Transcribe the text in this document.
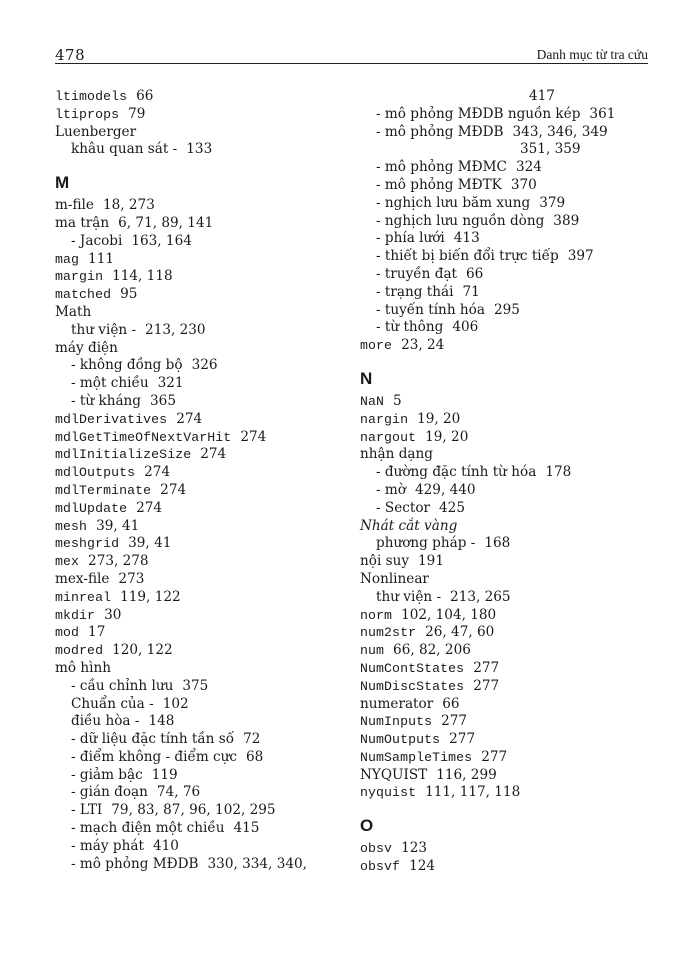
478	Danh mục từ tra cứu
ltimodels 66
ltiprops 79
Luenberger
khâu quan sát - 133
M
m-file 18, 273
ma trận 6, 71, 89, 141
- Jacobi 163, 164
mag 111
margin 114, 118
matched 95
Math
thư viện - 213, 230
máy điện
- không đồng bộ 326
- một chiều 321
- từ kháng 365
mdlDerivatives 274
mdlGetTimeOfNextVarHit 274
mdlInitializeSize 274
mdlOutputs 274
mdlTerminate 274
mdlUpdate 274
mesh 39, 41
meshgrid 39, 41
mex 273, 278
mex-file 273
minreal 119, 122
mkdir 30
mod 17
modred 120, 122
mô hình
- cầu chỉnh lưu 375
Chuẩn của - 102
điều hòa - 148
- dữ liệu đặc tính tần số 72
- điểm không - điểm cực 68
- giảm bậc 119
- gián đoạn 74, 76
- LTI 79, 83, 87, 96, 102, 295
- mạch điện một chiều 415
- máy phát 410
- mô phỏng MĐDB 330, 334, 340,
417
- mô phỏng MĐDB nguồn kép 361
- mô phỏng MĐDB 343, 346, 349
351, 359
- mô phỏng MĐMC 324
- mô phỏng MĐTK 370
- nghịch lưu băm xung 379
- nghịch lưu nguồn dòng 389
- phía lưới 413
- thiết bị biến đổi trực tiếp 397
- truyền đạt 66
- trạng thái 71
- tuyến tính hóa 295
- từ thông 406
more 23, 24
N
NaN 5
nargin 19, 20
nargout 19, 20
nhận dạng
- đường đặc tính từ hóa 178
- mờ 429, 440
- Sector 425
Nhát cắt vàng
phương pháp - 168
nội suy 191
Nonlinear
thư viện - 213, 265
norm 102, 104, 180
num2str 26, 47, 60
num 66, 82, 206
NumContStates 277
NumDiscStates 277
numerator 66
NumInputs 277
NumOutputs 277
NumSampleTimes 277
NYQUIST 116, 299
nyquist 111, 117, 118
O
obsv 123
obsvf 124
